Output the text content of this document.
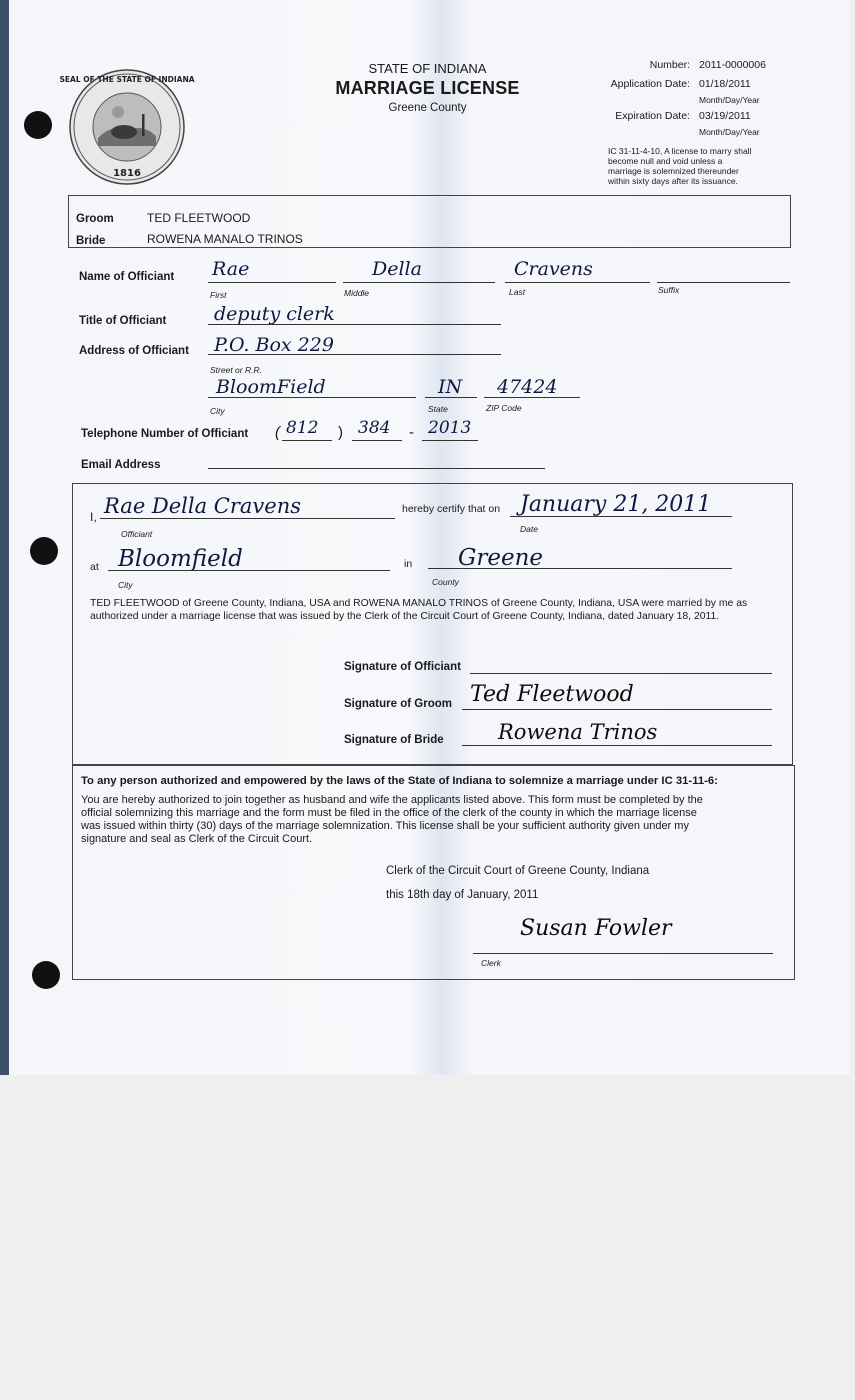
SEAL OF THE STATE OF INDIANA
1816
STATE OF INDIANA
MARRIAGE LICENSE
Greene County
Number: 2011-0000006
Application Date: 01/18/2011
Month/Day/Year
Expiration Date: 03/19/2011
Month/Day/Year
IC 31-11-4-10, A license to marry shall
become null and void unless a
marriage is solemnized thereunder
within sixty days after its issuance.
Groom	TED FLEETWOOD
Bride	ROWENA MANALO TRINOS
Name of Officiant Rae	Della	Cravens
First	Middle	Last	Suffix
Title of Officiant	deputy clerk
Address of Officiant P.O. Box 229
Street or R.R.
BloomField	IN 47424
City	State	ZIP Code
Telephone Number of Officiant ( 812 ) 384 - 2013
Email Address
I, Rae Della Cravens
Officiant
hereby certify that on January 21, 2011
Date
at Bloomfield
City
in Greene
County
TED FLEETWOOD of Greene County, Indiana, USA and ROWENA MANALO TRINOS of Greene County, Indiana, USA were married by me as
authorized under a marriage license that was issued by the Clerk of the Circuit Court of Greene County, Indiana, dated January 18, 2011.
Signature of Officiant
Signature of Groom Ted Fleetwood
Signature of Bride	Rowena Trinos
To any person authorized and empowered by the laws of the State of Indiana to solemnize a marriage under IC 31-11-6:
You are hereby authorized to join together as husband and wife the applicants listed above. This form must be completed by the
official solemnizing this marriage and the form must be filed in the office of the clerk of the county in which the marriage license
was issued within thirty (30) days of the marriage solemnization. This license shall be your sufficient authority given under my
signature and seal as Clerk of the Circuit Court.
Clerk of the Circuit Court of Greene County, Indiana
this 18th day of January, 2011
Susan Fowler
Clerk
